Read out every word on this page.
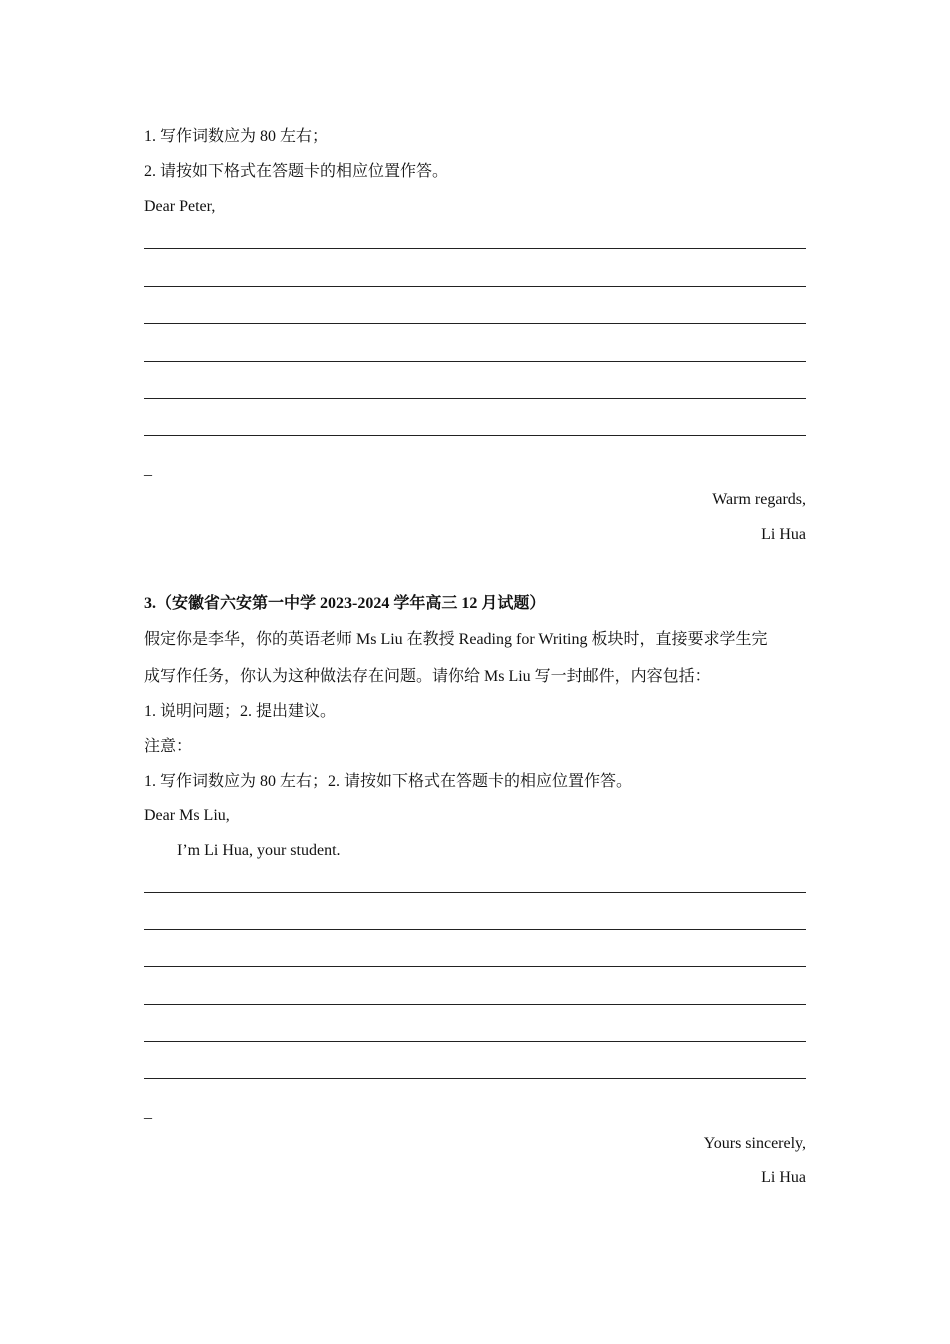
1. 写作词数应为 80 左右；
2. 请按如下格式在答题卡的相应位置作答。
Dear Peter,
_
Warm regards,
Li Hua
3.（安徽省六安第一中学 2023-2024 学年高三 12 月试题）
假定你是李华，你的英语老师 Ms Liu 在教授 Reading for Writing 板块时，直接要求学生完
成写作任务，你认为这种做法存在问题。请你给 Ms Liu 写一封邮件，内容包括：
1. 说明问题；2. 提出建议。
注意：
1. 写作词数应为 80 左右；2. 请按如下格式在答题卡的相应位置作答。
Dear Ms Liu,
I’m Li Hua, your student.
_
Yours sincerely,
Li Hua
